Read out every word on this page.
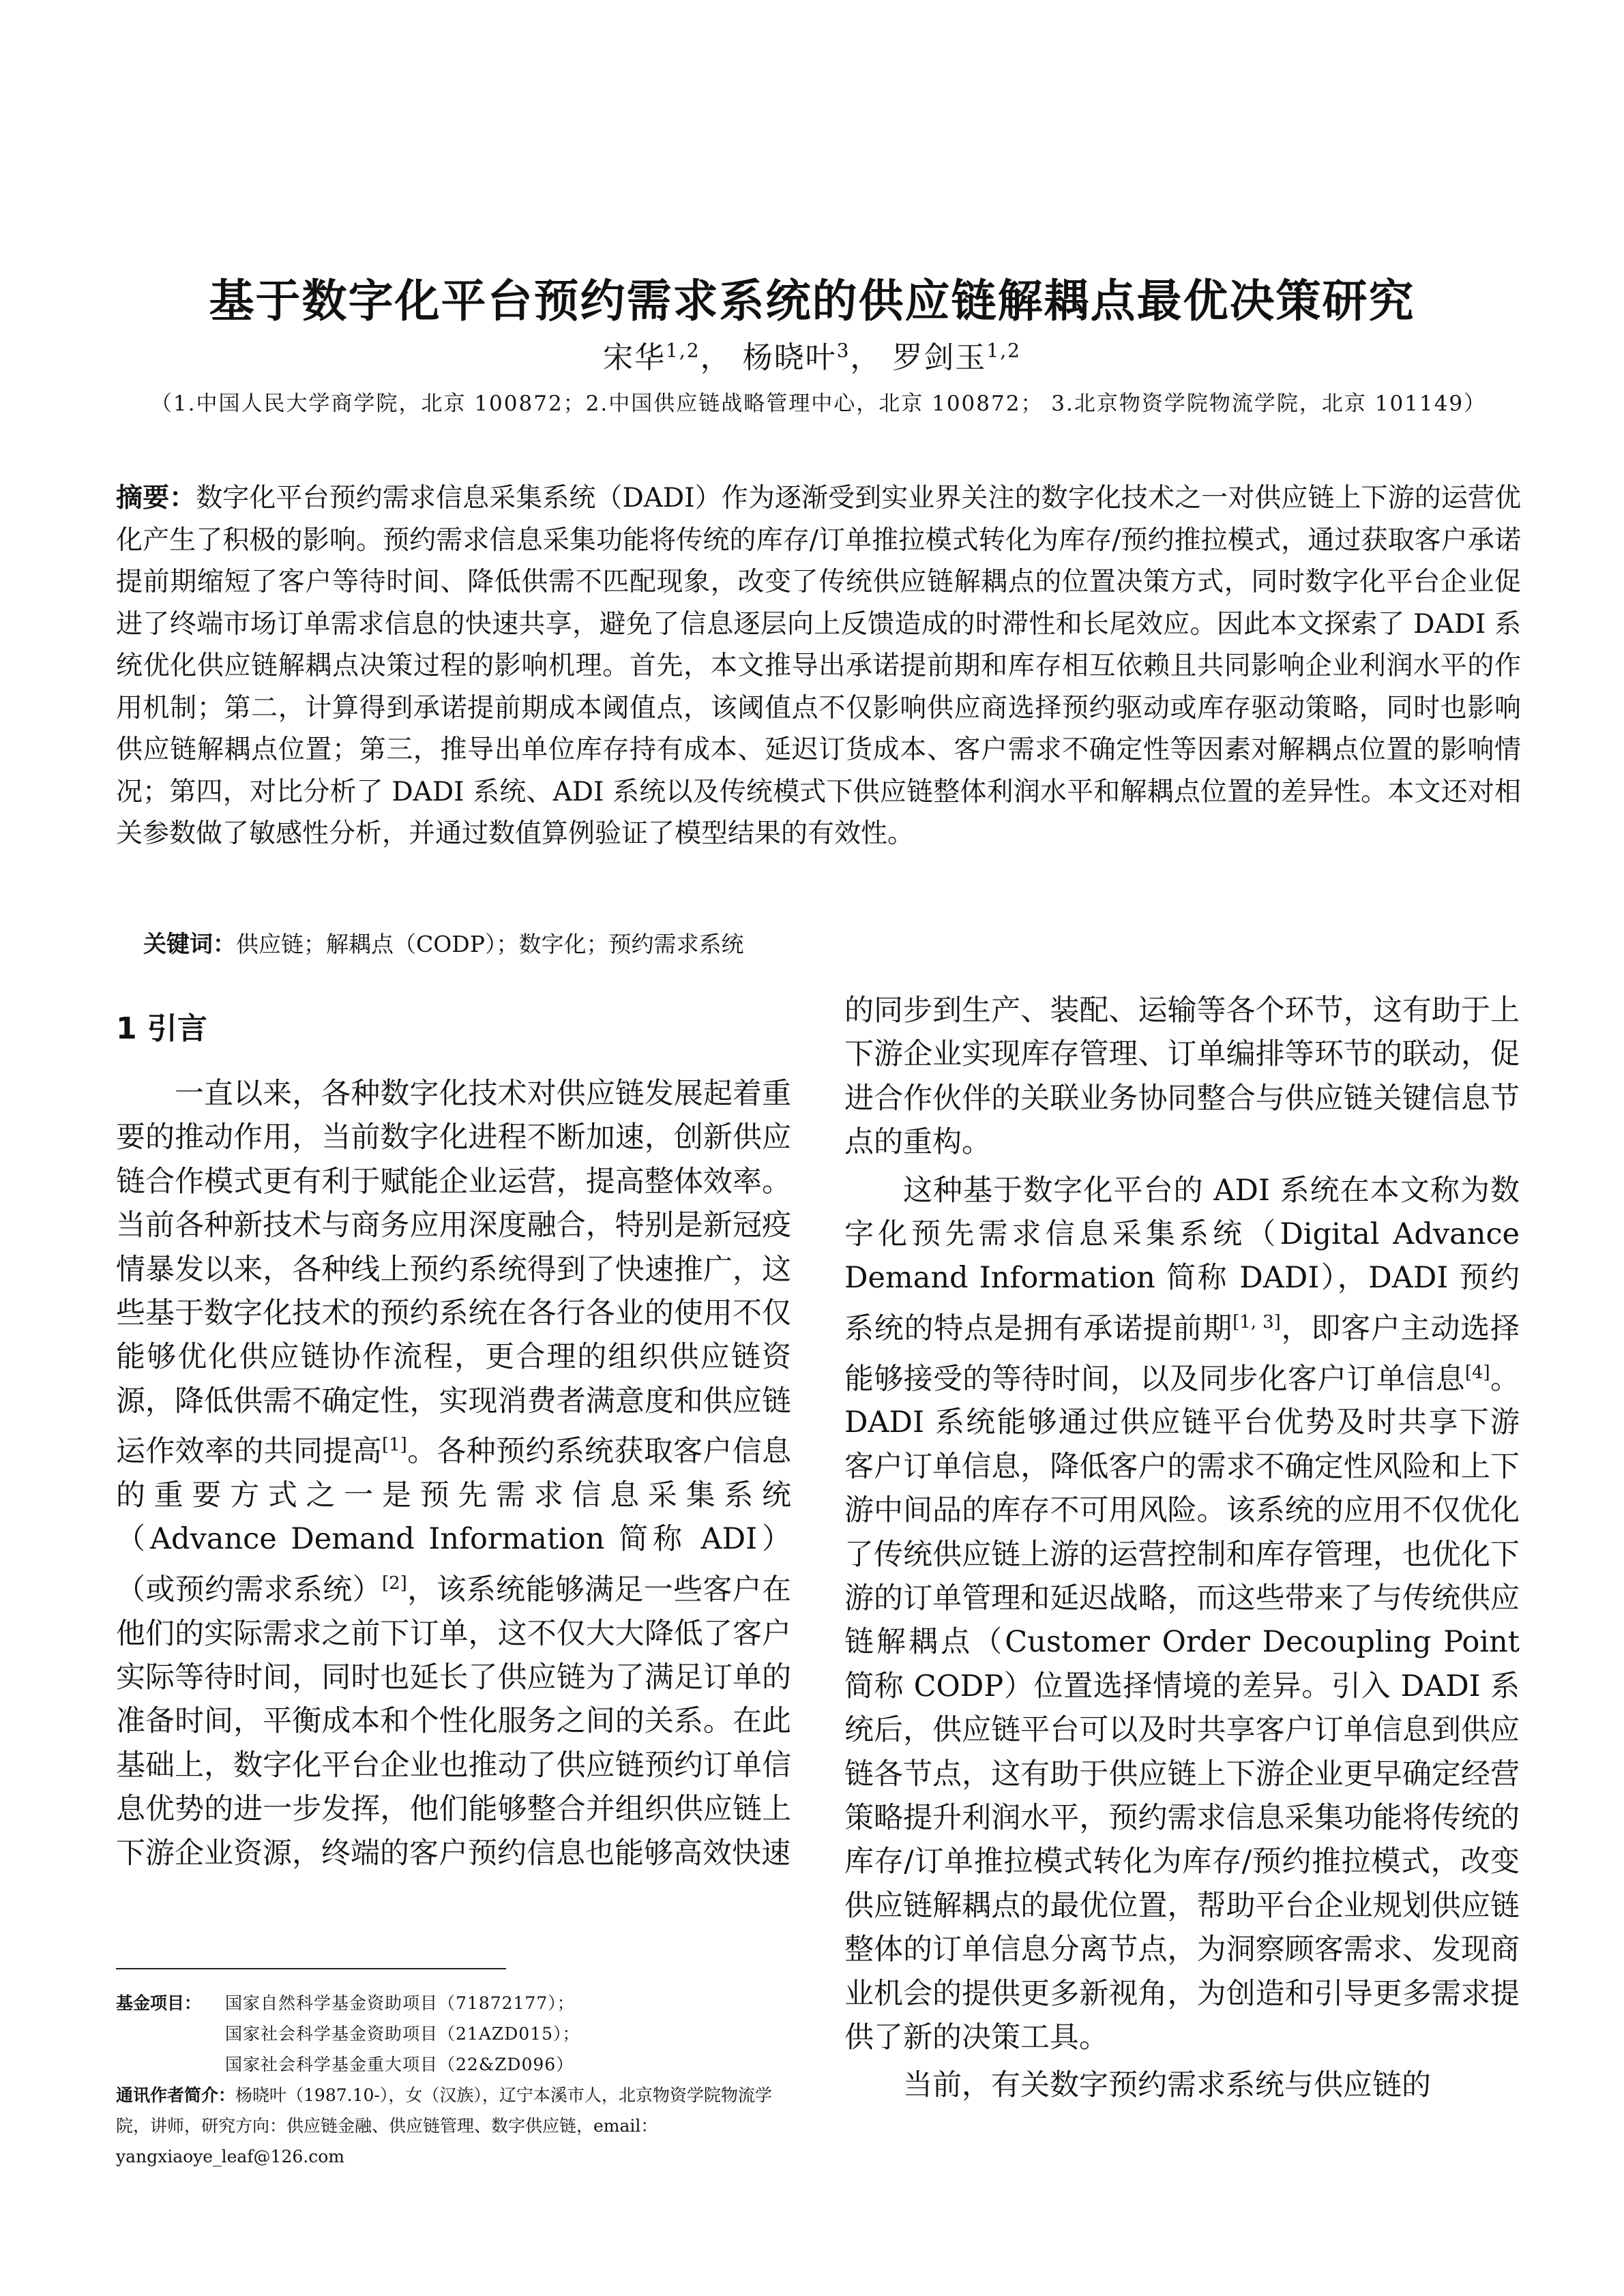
基于数字化平台预约需求系统的供应链解耦点最优决策研究
宋华$^{1,2}$， 杨晓叶$^3$， 罗剑玉$^{1,2}$
（1.中国人民大学商学院，北京 100872；2.中国供应链战略管理中心，北京 100872； 3.北京物资学院物流学院，北京 101149）
摘要：数字化平台预约需求信息采集系统（DADI）作为逐渐受到实业界关注的数字化技术之一对供应链上下游的运营优化产生了积极的影响。预约需求信息采集功能将传统的库存/订单推拉模式转化为库存/预约推拉模式，通过获取客户承诺提前期缩短了客户等待时间、降低供需不匹配现象，改变了传统供应链解耦点的位置决策方式，同时数字化平台企业促进了终端市场订单需求信息的快速共享，避免了信息逐层向上反馈造成的时滞性和长尾效应。因此本文探索了 DADI 系统优化供应链解耦点决策过程的影响机理。首先，本文推导出承诺提前期和库存相互依赖且共同影响企业利润水平的作用机制；第二，计算得到承诺提前期成本阈值点，该阈值点不仅影响供应商选择预约驱动或库存驱动策略，同时也影响供应链解耦点位置；第三，推导出单位库存持有成本、延迟订货成本、客户需求不确定性等因素对解耦点位置的影响情况；第四，对比分析了 DADI 系统、ADI 系统以及传统模式下供应链整体利润水平和解耦点位置的差异性。本文还对相关参数做了敏感性分析，并通过数值算例验证了模型结果的有效性。
关键词：供应链；解耦点（CODP）；数字化；预约需求系统
1 引言

一直以来，各种数字化技术对供应链发展起着重要的推动作用，当前数字化进程不断加速，创新供应链合作模式更有利于赋能企业运营，提高整体效率。当前各种新技术与商务应用深度融合，特别是新冠疫情暴发以来，各种线上预约系统得到了快速推广，这些基于数字化技术的预约系统在各行各业的使用不仅能够优化供应链协作流程，更合理的组织供应链资源，降低供需不确定性，实现消费者满意度和供应链运作效率的共同提高[1]。各种预约系统获取客户信息的重要方式之一是预先需求信息采集系统（Advance Demand Information 简称 ADI）（或预约需求系统）[2]，该系统能够满足一些客户在他们的实际需求之前下订单，这不仅大大降低了客户实际等待时间，同时也延长了供应链为了满足订单的准备时间，平衡成本和个性化服务之间的关系。在此基础上，数字化平台企业也推动了供应链预约订单信息优势的进一步发挥，他们能够整合并组织供应链上下游企业资源，终端的客户预约信息也能够高效快速

的同步到生产、装配、运输等各个环节，这有助于上下游企业实现库存管理、订单编排等环节的联动，促进合作伙伴的关联业务协同整合与供应链关键信息节点的重构。

这种基于数字化平台的 ADI 系统在本文称为数字化预先需求信息采集系统（Digital Advance Demand Information 简称 DADI），DADI 预约系统的特点是拥有承诺提前期[1, 3]，即客户主动选择能够接受的等待时间，以及同步化客户订单信息[4]。DADI 系统能够通过供应链平台优势及时共享下游客户订单信息，降低客户的需求不确定性风险和上下游中间品的库存不可用风险。该系统的应用不仅优化了传统供应链上游的运营控制和库存管理，也优化下游的订单管理和延迟战略，而这些带来了与传统供应链解耦点（Customer Order Decoupling Point 简称 CODP）位置选择情境的差异。引入 DADI 系统后，供应链平台可以及时共享客户订单信息到供应链各节点，这有助于供应链上下游企业更早确定经营策略提升利润水平，预约需求信息采集功能将传统的库存/订单推拉模式转化为库存/预约推拉模式，改变供应链解耦点的最优位置，帮助平台企业规划供应链整体的订单信息分离节点，为洞察顾客需求、发现商业机会的提供更多新视角，为创造和引导更多需求提供了新的决策工具。

当前，有关数字预约需求系统与供应链的

基金项目：	国家自然科学基金资助项目（71872177）；
国家社会科学基金资助项目（21AZD015）；
国家社会科学基金重大项目（22&ZD096）
通讯作者简介：杨晓叶（1987.10-），女（汉族），辽宁本溪市人，北京物资学院物流学院，讲师，研究方向：供应链金融、供应链管理、数字供应链，email：yangxiaoye_leaf@126.com
